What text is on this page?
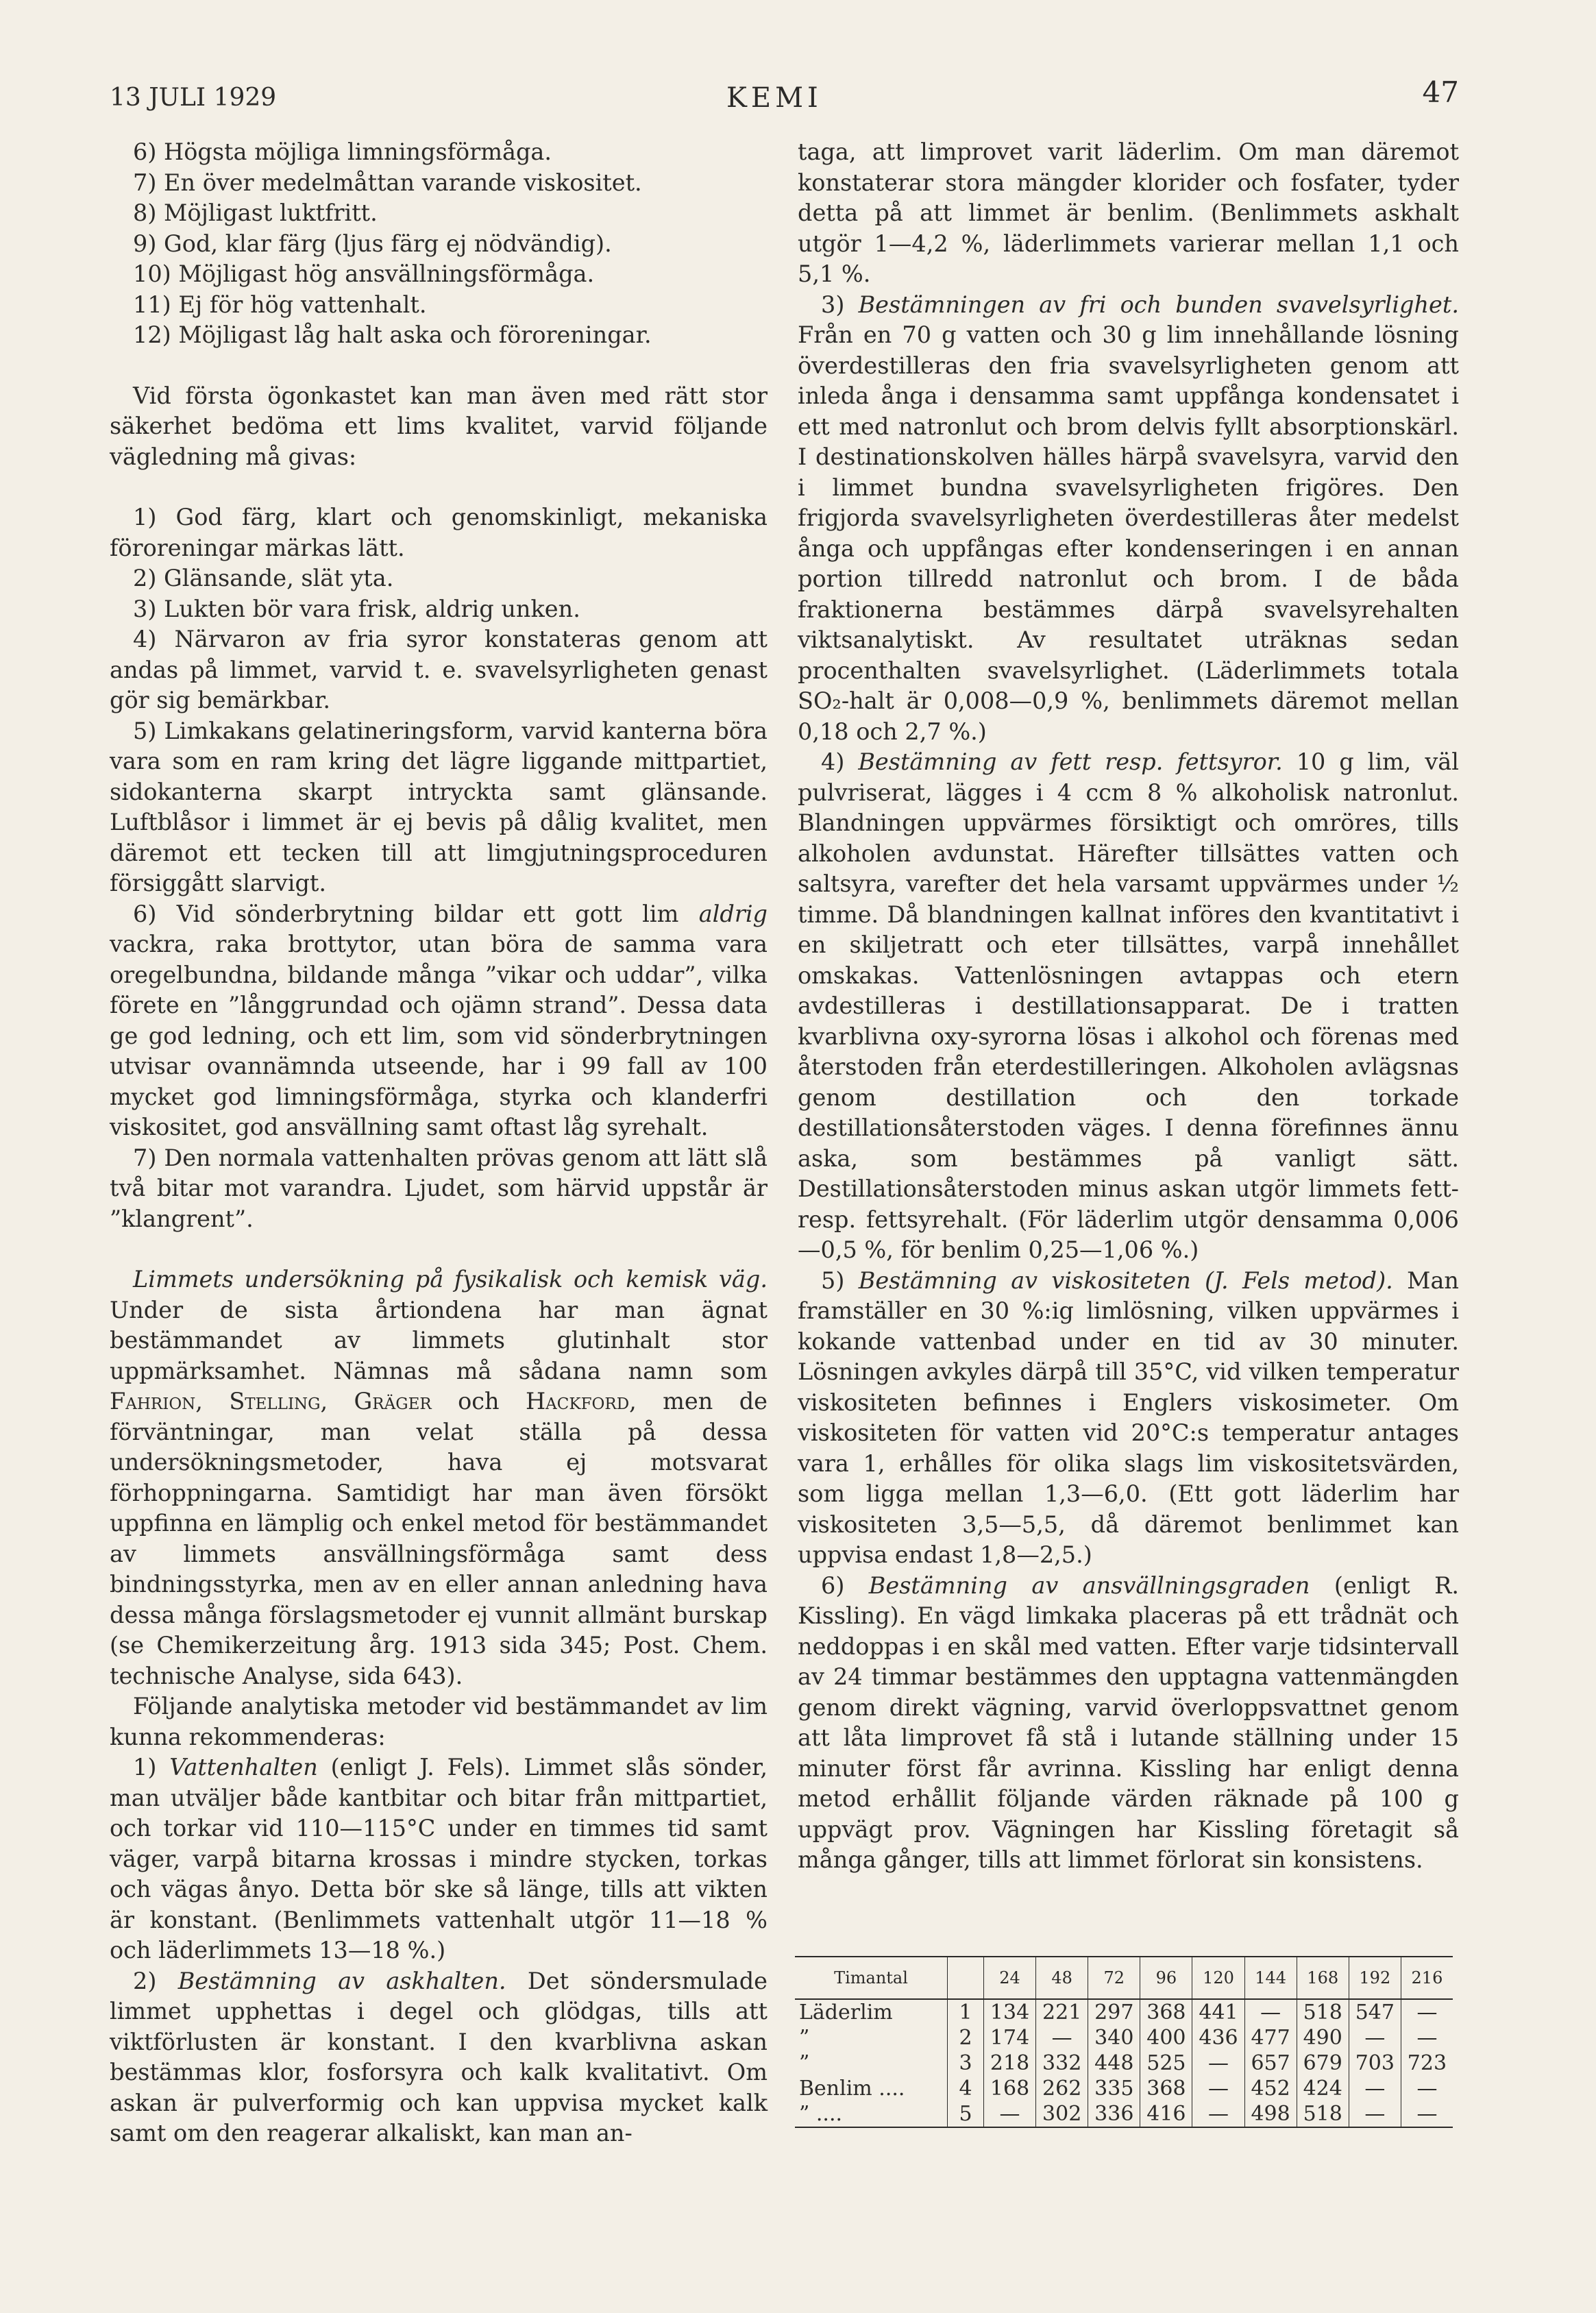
13 JULI 1929	KEMI	47

6) Högsta möjliga limningsförmåga.

7) En över medelmåttan varande viskositet.

8) Möjligast luktfritt.

9) God, klar färg (ljus färg ej nödvändig).

10) Möjligast hög ansvällningsförmåga.

11) Ej för hög vattenhalt.

12) Möjligast låg halt aska och föroreningar.

Vid första ögonkastet kan man även med rätt stor säkerhet bedöma ett lims kvalitet, varvid följande vägledning må givas:

1) God färg, klart och genomskinligt, mekaniska föroreningar märkas lätt.

2) Glänsande, slät yta.

3) Lukten bör vara frisk, aldrig unken.

4) Närvaron av fria syror konstateras genom att andas på limmet, varvid t. e. svavelsyrligheten genast gör sig bemärkbar.

5) Limkakans gelatineringsform, varvid kanterna böra vara som en ram kring det lägre liggande mittpartiet, sidokanterna skarpt intryckta samt glänsande. Luftblåsor i limmet är ej bevis på dålig kvalitet, men däremot ett tecken till att limgjutningsproceduren försiggått slarvigt.

6) Vid sönderbrytning bildar ett gott lim aldrig vackra, raka brottytor, utan böra de samma vara oregelbundna, bildande många ”vikar och uddar”, vilka förete en ”långgrundad och ojämn strand”. Dessa data ge god ledning, och ett lim, som vid sönderbrytningen utvisar ovannämnda utseende, har i 99 fall av 100 mycket god limningsförmåga, styrka och klanderfri viskositet, god ansvällning samt oftast låg syrehalt.

7) Den normala vattenhalten prövas genom att lätt slå två bitar mot varandra. Ljudet, som härvid uppstår är ”klangrent”.

Limmets undersökning på fysikalisk och kemisk väg. Under de sista årtiondena har man ägnat bestämmandet av limmets glutinhalt stor uppmärksamhet. Nämnas må sådana namn som Fahrion, Stelling, Gräger och Hackford, men de förväntningar, man velat ställa på dessa undersökningsmetoder, hava ej motsvarat förhoppningarna. Samtidigt har man även försökt uppfinna en lämplig och enkel metod för bestämmandet av limmets ansvällningsförmåga samt dess bindningsstyrka, men av en eller annan anledning hava dessa många förslagsmetoder ej vunnit allmänt burskap (se Chemikerzeitung årg. 1913 sida 345; Post. Chem. technische Analyse, sida 643).

Följande analytiska metoder vid bestämmandet av lim kunna rekommenderas:

1) Vattenhalten (enligt J. Fels). Limmet slås sönder, man utväljer både kantbitar och bitar från mittpartiet, och torkar vid 110—115°C under en timmes tid samt väger, varpå bitarna krossas i mindre stycken, torkas och vägas ånyo. Detta bör ske så länge, tills att vikten är konstant. (Benlimmets vattenhalt utgör 11—18 % och läderlimmets 13—18 %.)

2) Bestämning av askhalten. Det söndersmulade limmet upphettas i degel och glödgas, tills att viktförlusten är konstant. I den kvarblivna askan bestämmas klor, fosforsyra och kalk kvalitativt. Om askan är pulverformig och kan uppvisa mycket kalk samt om den reagerar alkaliskt, kan man an-

taga, att limprovet varit läderlim. Om man däremot konstaterar stora mängder klorider och fosfater, tyder detta på att limmet är benlim. (Benlimmets askhalt utgör 1—4,2 %, läderlimmets varierar mellan 1,1 och 5,1 %.

3) Bestämningen av fri och bunden svavelsyrlighet. Från en 70 g vatten och 30 g lim innehållande lösning överdestilleras den fria svavelsyrligheten genom att inleda ånga i densamma samt uppfånga kondensatet i ett med natronlut och brom delvis fyllt absorptionskärl. I destinationskolven hälles härpå svavelsyra, varvid den i limmet bundna svavelsyrligheten frigöres. Den frigjorda svavelsyrligheten överdestilleras åter medelst ånga och uppfångas efter kondenseringen i en annan portion tillredd natronlut och brom. I de båda fraktionerna bestämmes därpå svavelsyrehalten viktsanalytiskt. Av resultatet uträknas sedan procenthalten svavelsyrlighet. (Läderlimmets totala SO₂-halt är 0,008—0,9 %, benlimmets däremot mellan 0,18 och 2,7 %.)

4) Bestämning av fett resp. fettsyror. 10 g lim, väl pulvriserat, lägges i 4 ccm 8 % alkoholisk natronlut. Blandningen uppvärmes försiktigt och omröres, tills alkoholen avdunstat. Härefter tillsättes vatten och saltsyra, varefter det hela varsamt uppvärmes under ½ timme. Då blandningen kallnat införes den kvantitativt i en skiljetratt och eter tillsättes, varpå innehållet omskakas. Vattenlösningen avtappas och etern avdestilleras i destillationsapparat. De i tratten kvarblivna oxy-syrorna lösas i alkohol och förenas med återstoden från eterdestilleringen. Alkoholen avlägsnas genom destillation och den torkade destillationsåterstoden väges. I denna förefinnes ännu aska, som bestämmes på vanligt sätt. Destillationsåterstoden minus askan utgör limmets fett- resp. fettsyrehalt. (För läderlim utgör densamma 0,006—0,5 %, för benlim 0,25—1,06 %.)

5) Bestämning av viskositeten (J. Fels metod). Man framställer en 30 %:ig limlösning, vilken uppvärmes i kokande vattenbad under en tid av 30 minuter. Lösningen avkyles därpå till 35°C, vid vilken temperatur viskositeten befinnes i Englers viskosimeter. Om viskositeten för vatten vid 20°C:s temperatur antages vara 1, erhålles för olika slags lim viskositetsvärden, som ligga mellan 1,3—6,0. (Ett gott läderlim har viskositeten 3,5—5,5, då däremot benlimmet kan uppvisa endast 1,8—2,5.)

6) Bestämning av ansvällningsgraden (enligt R. Kissling). En vägd limkaka placeras på ett trådnät och neddoppas i en skål med vatten. Efter varje tidsintervall av 24 timmar bestämmes den upptagna vattenmängden genom direkt vägning, varvid överloppsvattnet genom att låta limprovet få stå i lutande ställning under 15 minuter först får avrinna. Kissling har enligt denna metod erhållit följande värden räknade på 100 g uppvägt prov. Vägningen har Kissling företagit så många gånger, tills att limmet förlorat sin konsistens.

Timantal		24	48	72	96	120	144	168	192	216
Läderlim	1	134	221	297	368	441	—	518	547	—
”	2	174	—	340	400	436	477	490	—	—
”	3	218	332	448	525	—	657	679	703	723
Benlim ....	4	168	262	335	368	—	452	424	—	—
” ....	5	—	302	336	416	—	498	518	—	—
